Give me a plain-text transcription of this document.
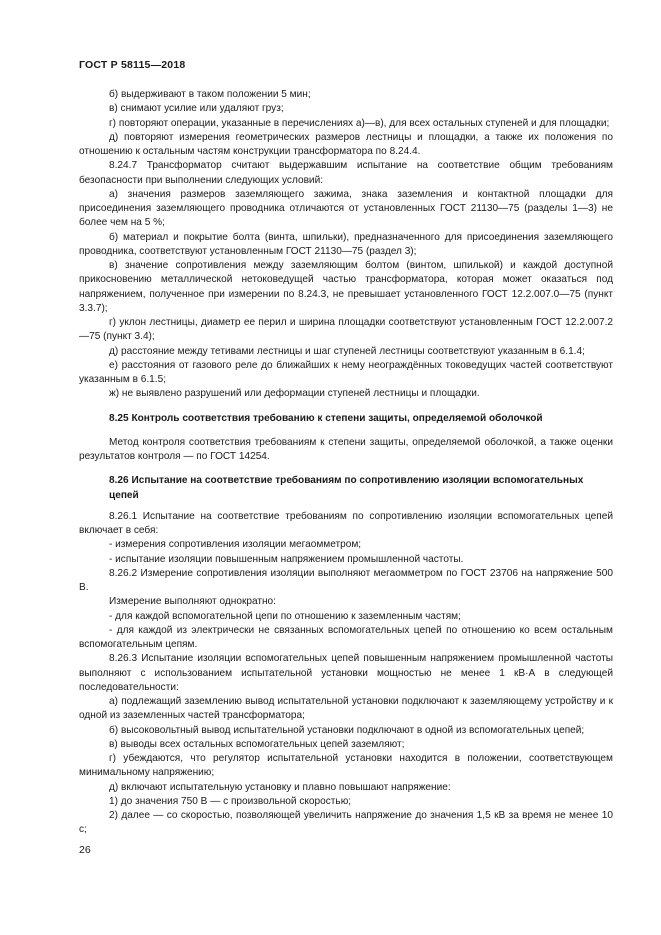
ГОСТ Р 58115—2018

б) выдерживают в таком положении 5 мин;

в) снимают усилие или удаляют груз;

г) повторяют операции, указанные в перечислениях а)—в), для всех остальных ступеней и для площадки;

д) повторяют измерения геометрических размеров лестницы и площадки, а также их положения по отношению к остальным частям конструкции трансформатора по 8.24.4.

8.24.7 Трансформатор считают выдержавшим испытание на соответствие общим требованиям безопасности при выполнении следующих условий:

а) значения размеров заземляющего зажима, знака заземления и контактной площадки для присоединения заземляющего проводника отличаются от установленных ГОСТ 21130—75 (разделы 1—3) не более чем на 5 %;

б) материал и покрытие болта (винта, шпильки), предназначенного для присоединения заземляющего проводника, соответствуют установленным ГОСТ 21130—75 (раздел 3);

в) значение сопротивления между заземляющим болтом (винтом, шпилькой) и каждой доступной прикосновению металлической нетоковедущей частью трансформатора, которая может оказаться под напряжением, полученное при измерении по 8.24.3, не превышает установленного ГОСТ 12.2.007.0—75 (пункт 3.3.7);

г) уклон лестницы, диаметр ее перил и ширина площадки соответствуют установленным ГОСТ 12.2.007.2—75 (пункт 3.4);

д) расстояние между тетивами лестницы и шаг ступеней лестницы соответствуют указанным в 6.1.4;

е) расстояния от газового реле до ближайших к нему неограждённых токоведущих частей соответствуют указанным в 6.1.5;

ж) не выявлено разрушений или деформации ступеней лестницы и площадки.

8.25 Контроль соответствия требованию к степени защиты, определяемой оболочкой

Метод контроля соответствия требованиям к степени защиты, определяемой оболочкой, а также оценки результатов контроля — по ГОСТ 14254.

8.26 Испытание на соответствие требованиям по сопротивлению изоляции вспомогательных цепей

8.26.1 Испытание на соответствие требованиям по сопротивлению изоляции вспомогательных цепей включает в себя:

- измерения сопротивления изоляции мегаомметром;

- испытание изоляции повышенным напряжением промышленной частоты.

8.26.2 Измерение сопротивления изоляции выполняют мегаомметром по ГОСТ 23706 на напряжение 500 В.

Измерение выполняют однократно:

- для каждой вспомогательной цепи по отношению к заземленным частям;

- для каждой из электрически не связанных вспомогательных цепей по отношению ко всем остальным вспомогательным цепям.

8.26.3 Испытание изоляции вспомогательных цепей повышенным напряжением промышленной частоты выполняют с использованием испытательной установки мощностью не менее 1 кВ·А в следующей последовательности:

а) подлежащий заземлению вывод испытательной установки подключают к заземляющему устройству и к одной из заземленных частей трансформатора;

б) высоковольтный вывод испытательной установки подключают в одной из вспомогательных цепей;

в) выводы всех остальных вспомогательных цепей заземляют;

г) убеждаются, что регулятор испытательной установки находится в положении, соответствующем минимальному напряжению;

д) включают испытательную установку и плавно повышают напряжение:

1) до значения 750 В — с произвольной скоростью;

2) далее — со скоростью, позволяющей увеличить напряжение до значения 1,5 кВ за время не менее 10 с;

26
